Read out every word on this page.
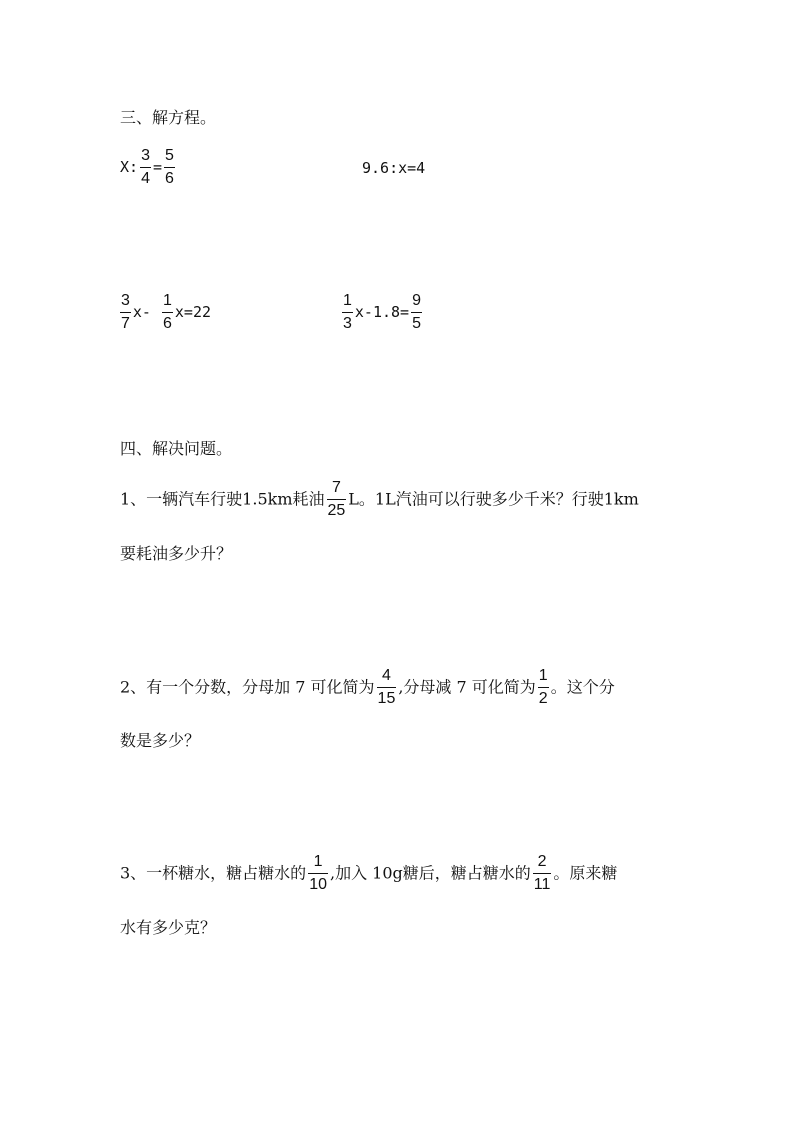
三、解方程。
X: $\frac{3}{4} = \frac{5}{6}$	9.6:x=4
$\frac{3}{7} x- \frac{1}{6} x=22$	$\frac{1}{3} x-1.8= \frac{9}{5}$
四、解决问题。
1、一辆汽车行驶1.5km耗油 $\frac{7}{25}$ L。1L汽油可以行驶多少千米？行驶1km
要耗油多少升？
2、有一个分数，分母加 7 可化简为 $\frac{4}{15}$ ,分母减 7 可化简为 $\frac{1}{2}$ 。这个分
数是多少？
3、一杯糖水，糖占糖水的 $\frac{1}{10}$ ,加入 10g糖后，糖占糖水的 $\frac{2}{11}$ 。原来糖
水有多少克？
